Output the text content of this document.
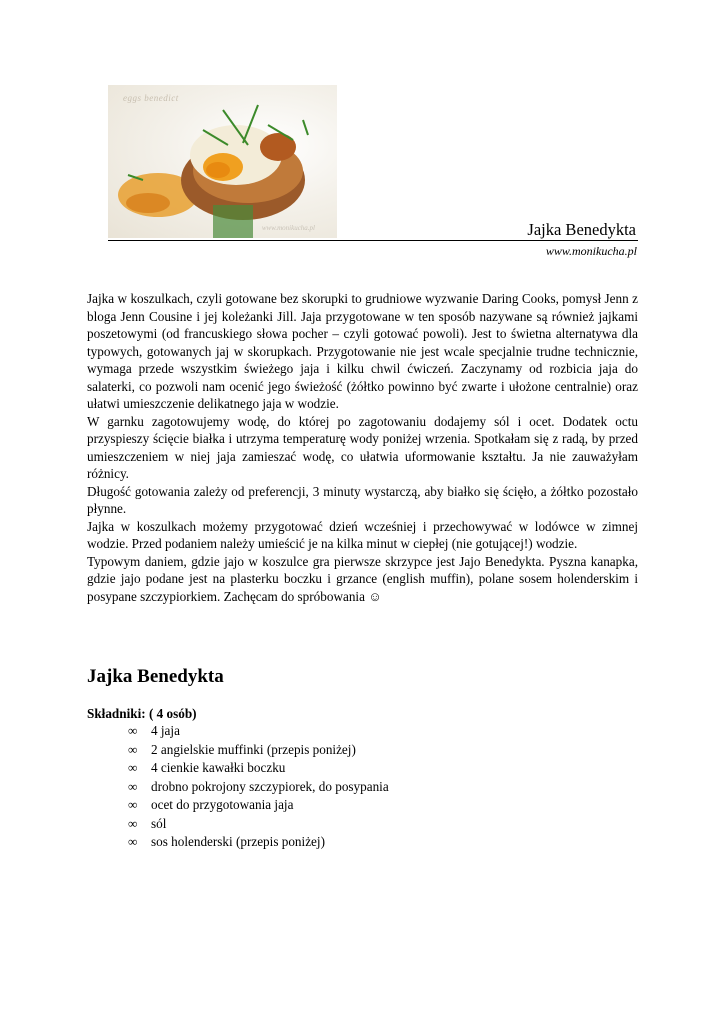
eggs benedict
www.monikucha.pl	Jajka Benedykta
www.monikucha.pl

Jajka w koszulkach, czyli gotowane bez skorupki to grudniowe wyzwanie Daring Cooks, pomysł Jenn z bloga Jenn Cousine i jej koleżanki Jill. Jaja przygotowane w ten sposób nazywane są również jajkami poszetowymi (od francuskiego słowa pocher – czyli gotować powoli). Jest to świetna alternatywa dla typowych, gotowanych jaj w skorupkach. Przygotowanie nie jest wcale specjalnie trudne technicznie, wymaga przede wszystkim świeżego jaja i kilku chwil ćwiczeń. Zaczynamy od rozbicia jaja do salaterki, co pozwoli nam ocenić jego świeżość (żółtko powinno być zwarte i ułożone centralnie) oraz ułatwi umieszczenie delikatnego jaja w wodzie.

W garnku zagotowujemy wodę, do której po zagotowaniu dodajemy sól i ocet. Dodatek octu przyspieszy ścięcie białka i utrzyma temperaturę wody poniżej wrzenia. Spotkałam się z radą, by przed umieszczeniem w niej jaja zamieszać wodę, co ułatwia uformowanie kształtu. Ja nie zauważyłam różnicy.

Długość gotowania zależy od preferencji, 3 minuty wystarczą, aby białko się ścięło, a żółtko pozostało płynne.

Jajka w koszulkach możemy przygotować dzień wcześniej i przechowywać w lodówce w zimnej wodzie. Przed podaniem należy umieścić je na kilka minut w ciepłej (nie gotującej!) wodzie.

Typowym daniem, gdzie jajo w koszulce gra pierwsze skrzypce jest Jajo Benedykta. Pyszna kanapka, gdzie jajo podane jest na plasterku boczku i grzance (english muffin), polane sosem holenderskim i posypane szczypiorkiem. Zachęcam do spróbowania ☺

Jajka Benedykta
Składniki: ( 4 osób)
∞	4 jaja
∞	2 angielskie muffinki (przepis poniżej)
∞	4 cienkie kawałki boczku
∞	drobno pokrojony szczypiorek, do posypania
∞	ocet do przygotowania jaja
∞	sól
∞	sos holenderski (przepis poniżej)
